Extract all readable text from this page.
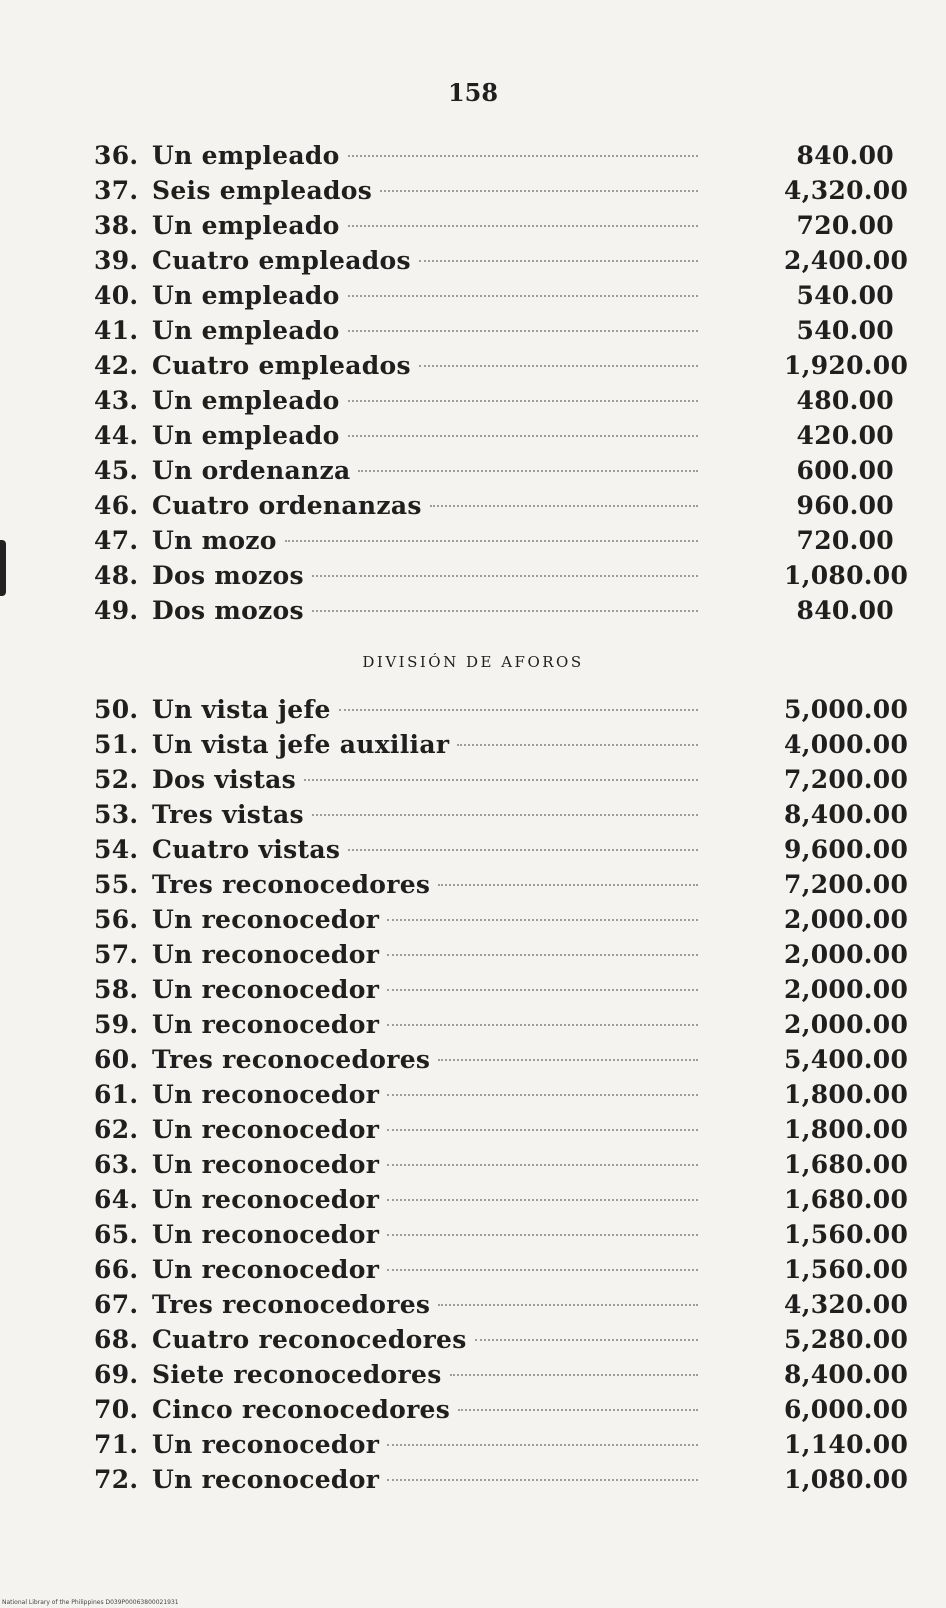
158
36. Un empleado	840.00
37. Seis empleados	4,320.00
38. Un empleado	720.00
39. Cuatro empleados	2,400.00
40. Un empleado	540.00
41. Un empleado	540.00
42. Cuatro empleados	1,920.00
43. Un empleado	480.00
44. Un empleado	420.00
45. Un ordenanza	600.00
46. Cuatro ordenanzas	960.00
47. Un mozo	720.00
48. Dos mozos	1,080.00
49. Dos mozos	840.00
DIVISIÓN DE AFOROS
50. Un vista jefe	5,000.00
51. Un vista jefe auxiliar	4,000.00
52. Dos vistas	7,200.00
53. Tres vistas	8,400.00
54. Cuatro vistas	9,600.00
55. Tres reconocedores	7,200.00
56. Un reconocedor	2,000.00
57. Un reconocedor	2,000.00
58. Un reconocedor	2,000.00
59. Un reconocedor	2,000.00
60. Tres reconocedores	5,400.00
61. Un reconocedor	1,800.00
62. Un reconocedor	1,800.00
63. Un reconocedor	1,680.00
64. Un reconocedor	1,680.00
65. Un reconocedor	1,560.00
66. Un reconocedor	1,560.00
67. Tres reconocedores	4,320.00
68. Cuatro reconocedores	5,280.00
69. Siete reconocedores	8,400.00
70. Cinco reconocedores	6,000.00
71. Un reconocedor	1,140.00
72. Un reconocedor	1,080.00
National Library of the Philippines D039P00063800021931
